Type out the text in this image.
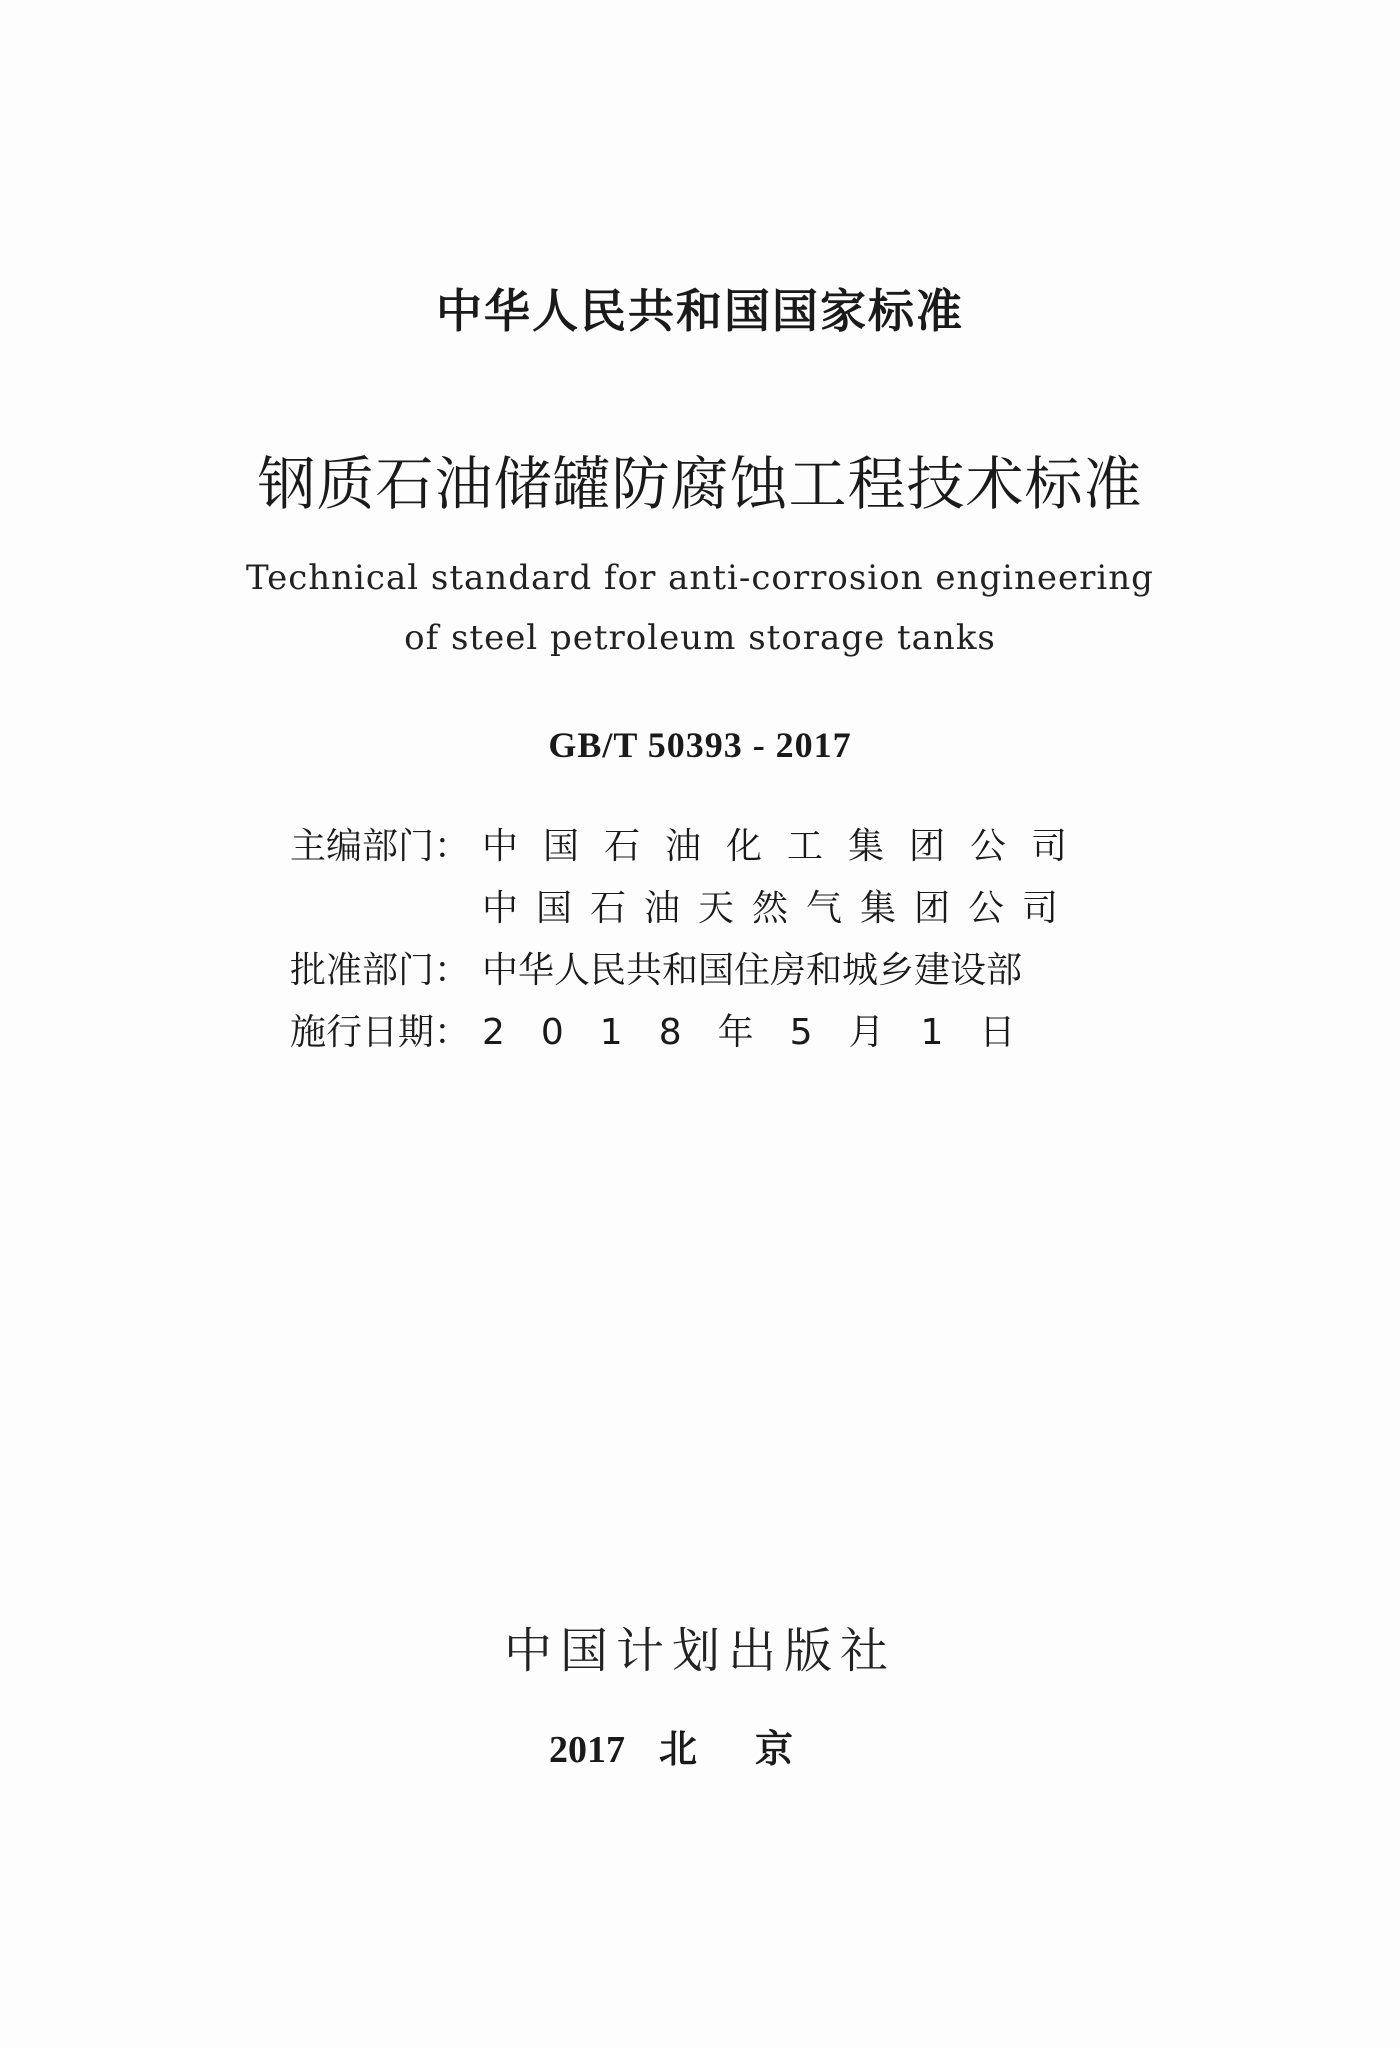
中华人民共和国国家标准
钢质石油储罐防腐蚀工程技术标准
Technical standard for anti-corrosion engineering
of steel petroleum storage tanks
GB/T 50393 - 2017
主编部门： 中国石油化工集团公司
中国石油天然气集团公司
批准部门： 中华人民共和国住房和城乡建设部
施行日期： 2018年5月1日
中国计划出版社
2017 北京
